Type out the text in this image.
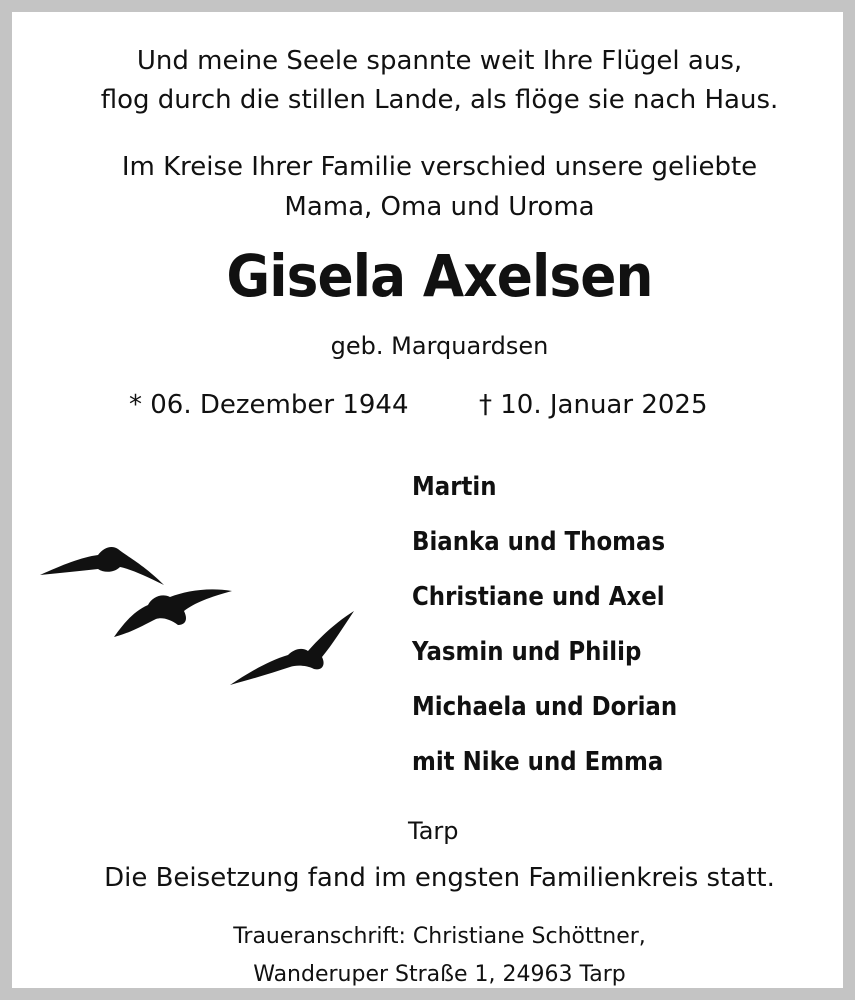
Und meine Seele spannte weit Ihre Flügel aus,
flog durch die stillen Lande, als flöge sie nach Haus.
Im Kreise Ihrer Familie verschied unsere geliebte
Mama, Oma und Uroma
Gisela Axelsen
geb. Marquardsen
* 06. Dezember 1944	† 10. Januar 2025
Martin
Bianka und Thomas
Christiane und Axel
Yasmin und Philip
Michaela und Dorian
mit Nike und Emma
Tarp
Die Beisetzung fand im engsten Familienkreis statt.
Traueranschrift: Christiane Schöttner,
Wanderuper Straße 1, 24963 Tarp
